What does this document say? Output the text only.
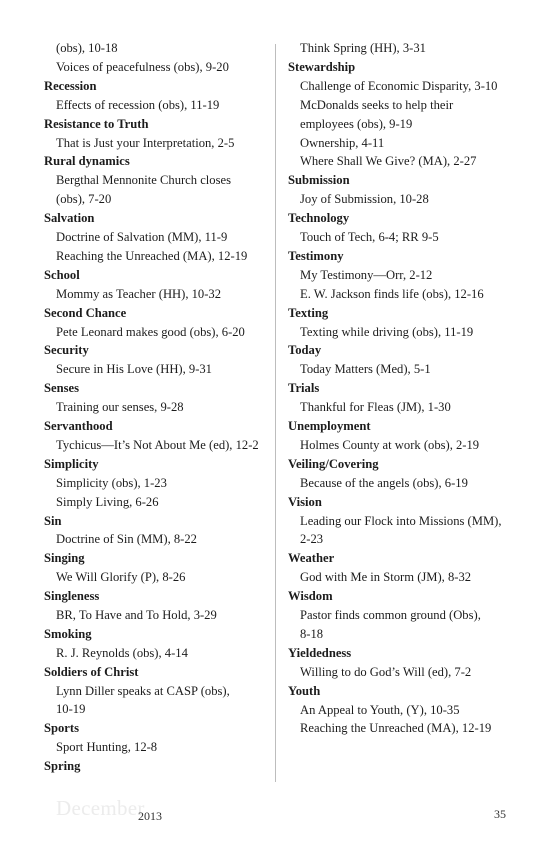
(obs), 10-18
Voices of peacefulness (obs), 9-20
Recession
Effects of recession (obs), 11-19
Resistance to Truth
That is Just your Interpretation, 2-5
Rural dynamics
Bergthal Mennonite Church closes
(obs), 7-20
Salvation
Doctrine of Salvation (MM), 11-9
Reaching the Unreached (MA), 12-19
School
Mommy as Teacher (HH), 10-32
Second Chance
Pete Leonard makes good (obs), 6-20
Security
Secure in His Love (HH), 9-31
Senses
Training our senses, 9-28
Servanthood
Tychicus—It’s Not About Me (ed), 12-2
Simplicity
Simplicity (obs), 1-23
Simply Living, 6-26
Sin
Doctrine of Sin (MM), 8-22
Singing
We Will Glorify (P), 8-26
Singleness
BR, To Have and To Hold, 3-29
Smoking
R. J. Reynolds (obs), 4-14
Soldiers of Christ
Lynn Diller speaks at CASP (obs),
10-19
Sports
Sport Hunting, 12-8
Spring
Think Spring (HH), 3-31
Stewardship
Challenge of Economic Disparity, 3-10
McDonalds seeks to help their
employees (obs), 9-19
Ownership, 4-11
Where Shall We Give? (MA), 2-27
Submission
Joy of Submission, 10-28
Technology
Touch of Tech, 6-4; RR 9-5
Testimony
My Testimony—Orr, 2-12
E. W. Jackson finds life (obs), 12-16
Texting
Texting while driving (obs), 11-19
Today
Today Matters (Med), 5-1
Trials
Thankful for Fleas (JM), 1-30
Unemployment
Holmes County at work (obs), 2-19
Veiling/Covering
Because of the angels (obs), 6-19
Vision
Leading our Flock into Missions (MM),
2-23
Weather
God with Me in Storm (JM), 8-32
Wisdom
Pastor finds common ground (Obs),
8-18
Yieldedness
Willing to do God’s Will (ed), 7-2
Youth
An Appeal to Youth, (Y), 10-35
Reaching the Unreached (MA), 12-19
December
2013	35
